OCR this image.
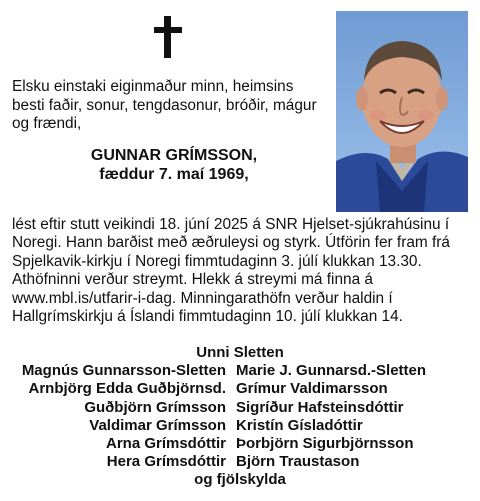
Elsku einstaki eiginmaður minn, heimsins besti faðir, sonur, tengdasonur, bróðir, mágur og frændi,

GUNNAR GRÍMSSON,
fæddur 7. maí 1969,

lést eftir stutt veikindi 18. júní 2025 á SNR Hjelset-sjúkrahúsinu í Noregi. Hann barðist með æðruleysi og styrk. Útförin fer fram frá Spjelkavik-kirkju í Noregi fimmtudaginn 3. júlí klukkan 13.30. Athöfninni verður streymt. Hlekk á streymi má finna á www.mbl.is/utfarir-i-dag. Minningarathöfn verður haldin í Hallgrímskirkju á Íslandi fimmtudaginn 10. júlí klukkan 14.

Unni Sletten
Magnús Gunnarsson-Sletten Marie J. Gunnarsd.-Sletten
Arnbjörg Edda Guðbjörnsd. Grímur Valdimarsson
Guðbjörn Grímsson Sigríður Hafsteinsdóttir
Valdimar Grímsson Kristín Gísladóttir
Arna Grímsdóttir Þorbjörn Sigurbjörnsson
Hera Grímsdóttir Björn Traustason
og fjölskylda
